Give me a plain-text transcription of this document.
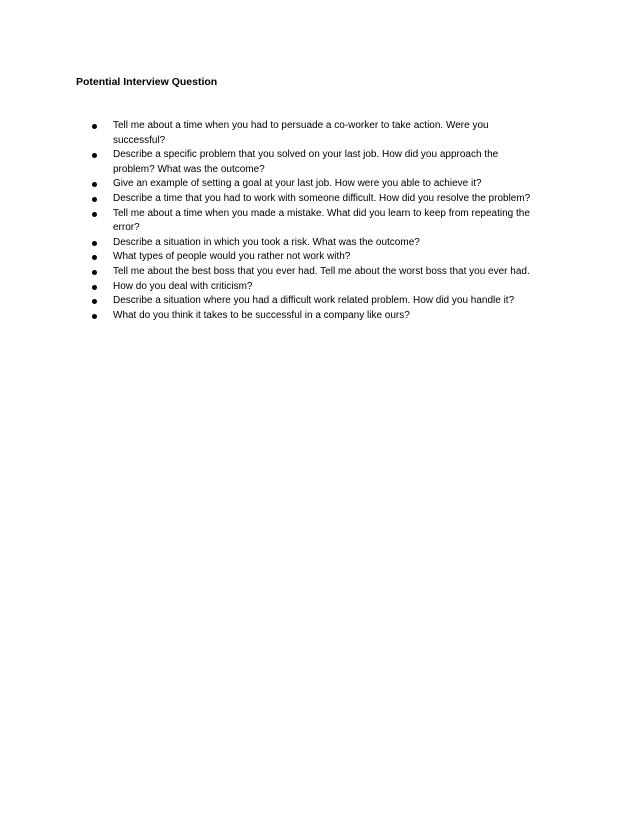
Potential Interview Question
Tell me about a time when you had to persuade a co-worker to take action. Were you
successful?
Describe a specific problem that you solved on your last job. How did you approach the
problem? What was the outcome?
Give an example of setting a goal at your last job. How were you able to achieve it?
Describe a time that you had to work with someone difficult. How did you resolve the problem?
Tell me about a time when you made a mistake. What did you learn to keep from repeating the
error?
Describe a situation in which you took a risk. What was the outcome?
What types of people would you rather not work with?
Tell me about the best boss that you ever had. Tell me about the worst boss that you ever had.
How do you deal with criticism?
Describe a situation where you had a difficult work related problem. How did you handle it?
What do you think it takes to be successful in a company like ours?
